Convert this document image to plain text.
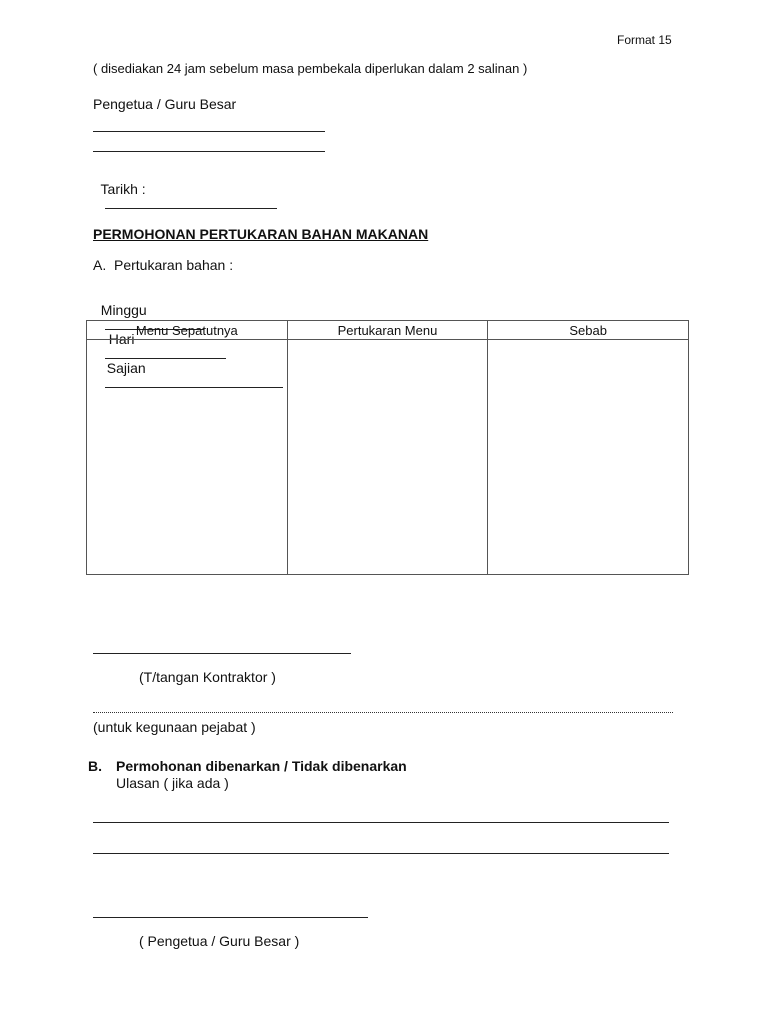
Format 15
( disediakan 24 jam sebelum masa pembekala diperlukan dalam 2 salinan )
Pengetua / Guru Besar

Tarikh :

PERMOHONAN PERTUKARAN BAHAN MAKANAN
A.  Pertukaran bahan :

Minggu

Hari

Sajian

Menu Sepatutnya	Pertukaran Menu	Sebab

(T/tangan Kontraktor )
(untuk kegunaan pejabat )
B. Permohonan dibenarkan / Tidak dibenarkan
Ulasan ( jika ada )
( Pengetua / Guru Besar )
